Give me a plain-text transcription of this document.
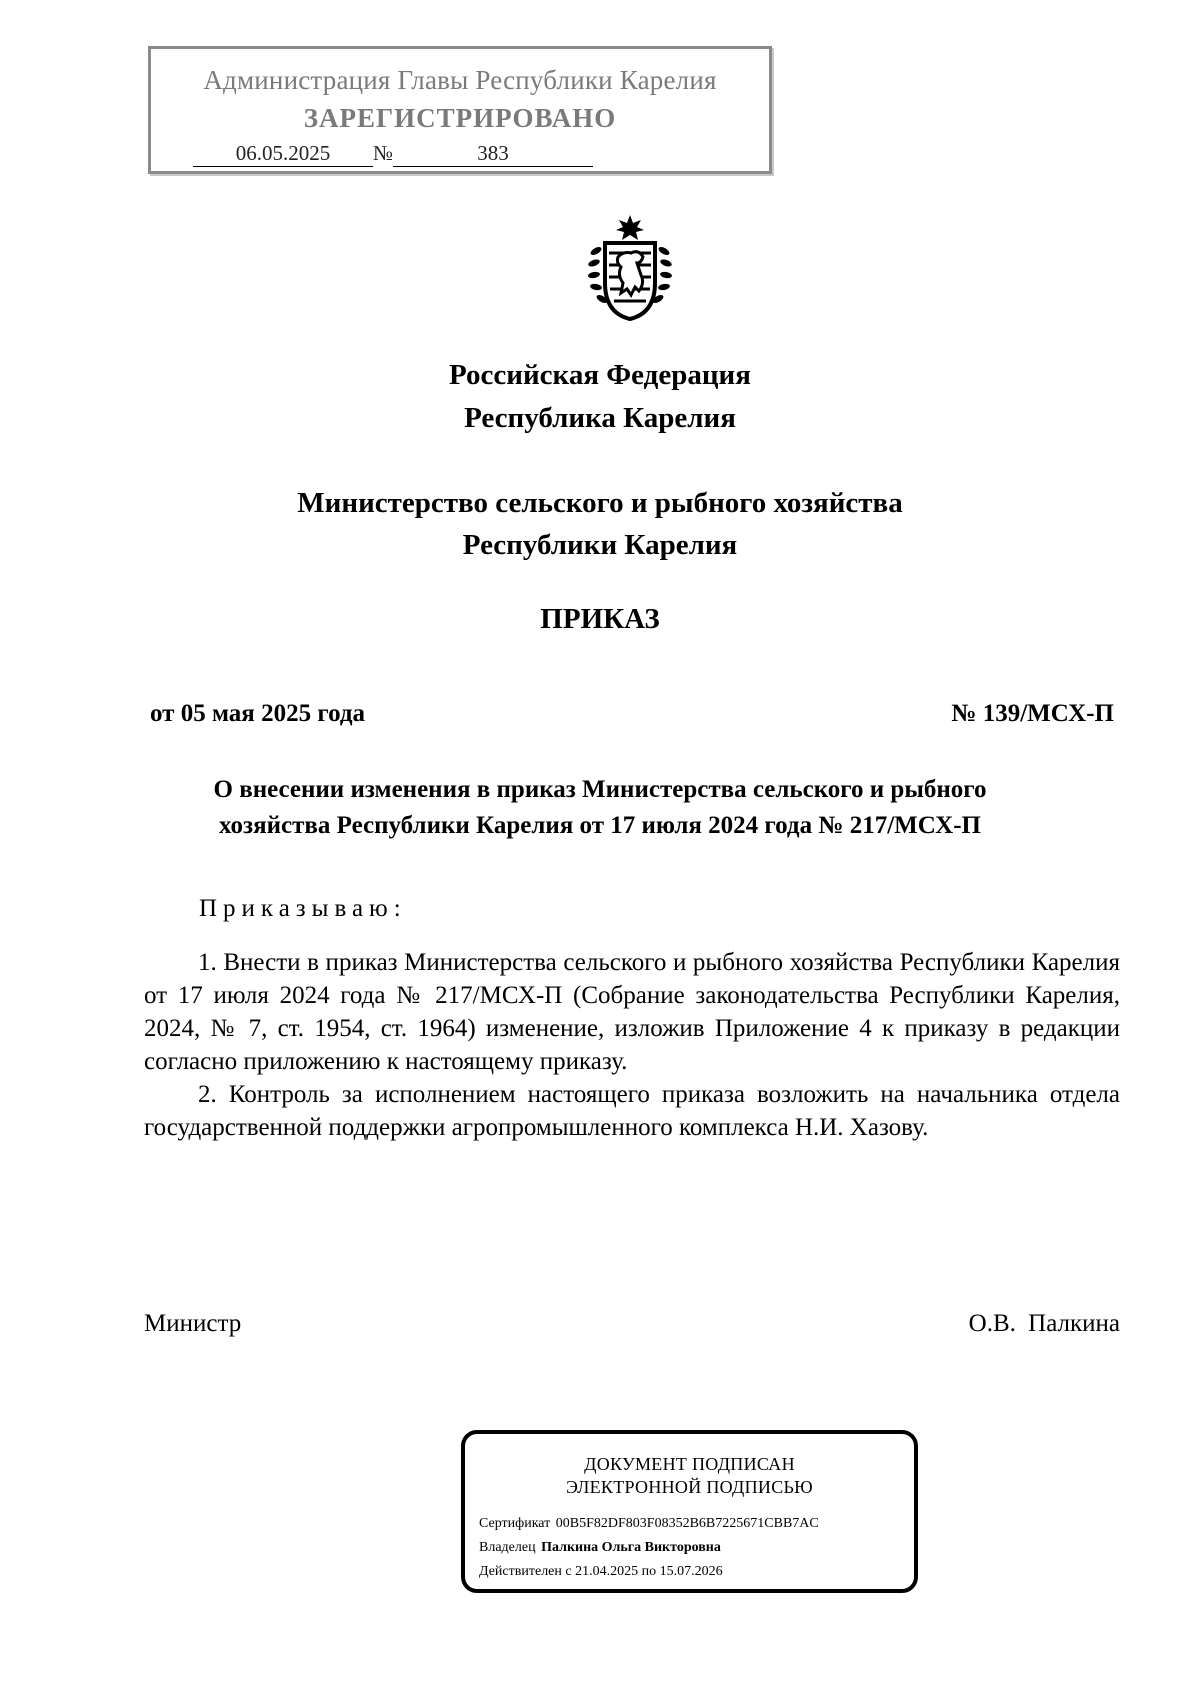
Администрация Главы Республики Карелия
ЗАРЕГИСТРИРОВАНО
06.05.2025 №	383
Российская Федерация
Республика Карелия
Министерство сельского и рыбного хозяйства
Республики Карелия
ПРИКАЗ
от 05 мая 2025 года	№ 139/МСХ-П
О внесении изменения в приказ Министерства сельского и рыбного
хозяйства Республики Карелия от 17 июля 2024 года № 217/МСХ-П
Приказываю:

1. Внести в приказ Министерства сельского и рыбного хозяйства Республики Карелия от 17 июля 2024 года № 217/МСХ-П (Собрание законодательства Республики Карелия, 2024, № 7, ст. 1954, ст. 1964) изменение, изложив Приложение 4 к приказу в редакции согласно приложению к настоящему приказу.

2. Контроль за исполнением настоящего приказа возложить на начальника отдела государственной поддержки агропромышленного комплекса Н.И. Хазову.

Министр	О.В. Палкина
ДОКУМЕНТ ПОДПИСАН
ЭЛЕКТРОННОЙ ПОДПИСЬЮ
Сертификат 00B5F82DF803F08352B6B7225671CBB7AC
Владелец Палкина Ольга Викторовна
Действителен с 21.04.2025 по 15.07.2026
